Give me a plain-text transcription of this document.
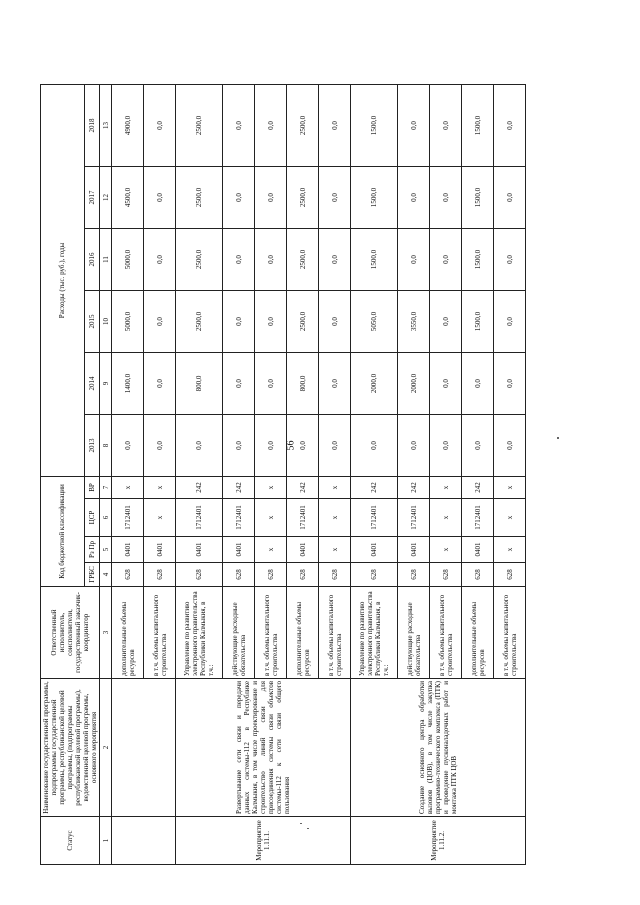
56
Статус	Наименование государственной программы, подпрограммы государственной программы, республиканской целевой программы, (подпрограммы республиканской целевой программы), ведомственной целевой программы, основного мероприятия	Ответственный исполнитель, соисполнители, государственный заказчик-координатор	Код бюджетной классификации				Расходы (тыс. руб.), годы					
			ГРБС	Рз Пр	ЦСР	ВР	2013	2014	2015	2016	2017	2018
1	2	3	4	5	6	7	8	9	10	11	12	13
		дополнительные объемы ресурсов	628	0401	1712401	x	0,0	1400,0	5000,0	5000,0	4500,0	4900,0
		в т.ч. объемы капитального строительства	628	0401	x	x	0,0	0,0	0,0	0,0	0,0	0,0
Мероприятие 1.11.1.	Развертывание сети связи и передачи данных системы-112 в Республике Калмыкия, в том числе проектирование и строительство линий связи для присоединения системы связи объектов системы-112 к сети связи общего пользования	Управление по развитию электронного правительства Республики Калмыкия, в т.ч.:	628	0401	1712401	242	0,0	800,0	2500,0	2500,0	2500,0	2500,0
		действующие расходные обязательства	628	0401	1712401	242	0,0	0,0	0,0	0,0	0,0	0,0
		в т.ч. объемы капитального строительства	628	x	x	x	0,0	0,0	0,0	0,0	0,0	0,0
		дополнительные объемы ресурсов	628	0401	1712401	242	0,0	800,0	2500,0	2500,0	2500,0	2500,0
		в т.ч. объемы капитального строительства	628	x	x	x	0,0	0,0	0,0	0,0	0,0	0,0
Мероприятие 1.11.2.	Создание основного центра обработки вызовов (ЦОВ), в том числе закупка программно-технического комплекса (ПТК) и проведение пусконаладочных работ и монтажа ПТК ЦОВ	Управление по развитию электронного правительства Республики Калмыкия, в т.ч.:	628	0401	1712401	242	0,0	2000,0	5050,0	1500,0	1500,0	1500,0
		действующие расходные обязательства	628	0401	1712401	242	0,0	2000,0	3550,0	0,0	0,0	0,0
		в т.ч. объемы капитального строительства	628	x	x	x	0,0	0,0	0,0	0,0	0,0	0,0
		дополнительные объемы ресурсов	628	0401	1712401	242	0,0	0,0	1500,0	1500,0	1500,0	1500,0
		в т.ч. объемы капитального строительства	628	x	x	x	0,0	0,0	0,0	0,0	0,0	0,0
